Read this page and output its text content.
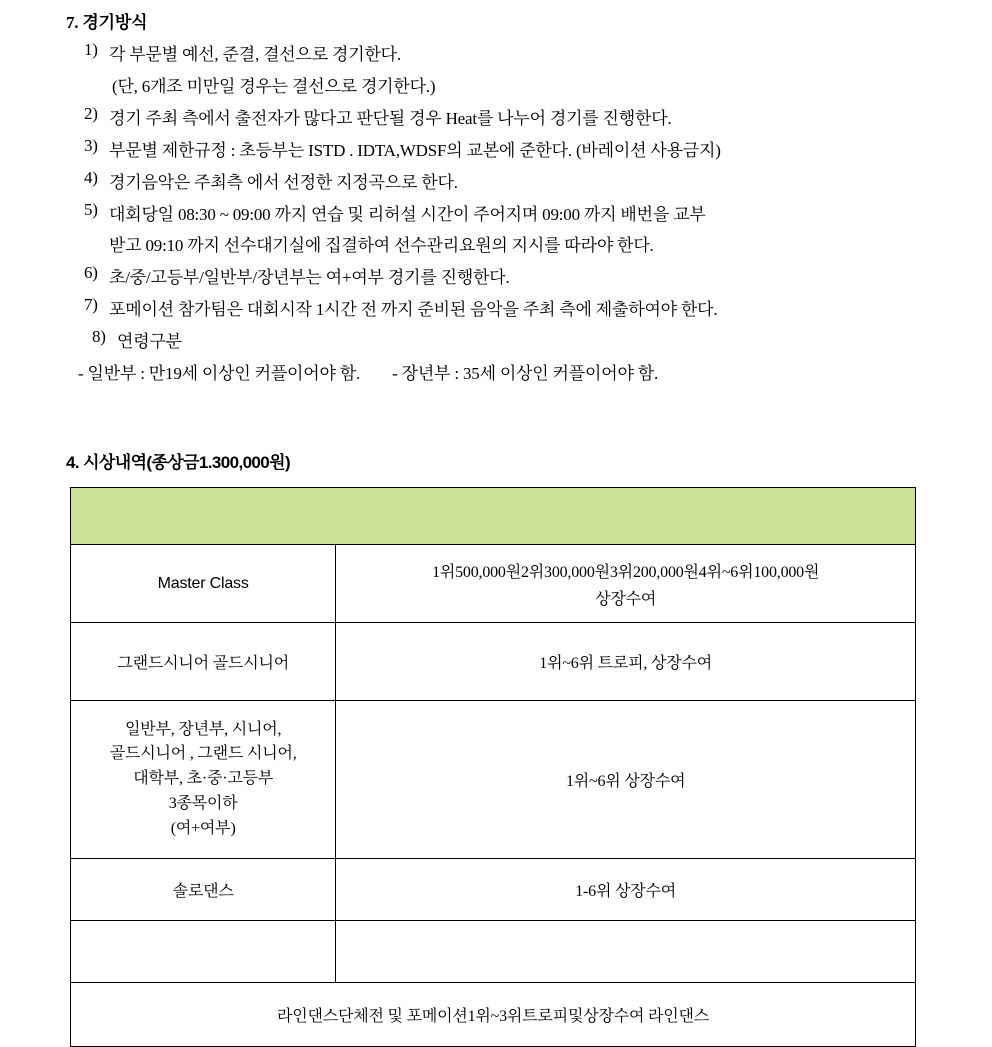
7. 경기방식
1) 각 부문별 예선, 준결, 결선으로 경기한다.
(단, 6개조 미만일 경우는 결선으로 경기한다.)
2) 경기 주최 측에서 출전자가 많다고 판단될 경우 Heat를 나누어 경기를 진행한다.
3) 부문별 제한규정 : 초등부는 ISTD . IDTA,WDSF의 교본에 준한다. (바레이션 사용금지)
4) 경기음악은 주최측 에서 선정한 지정곡으로 한다.
5) 대회당일 08:30 ~ 09:00 까지 연습 및 리허설 시간이 주어지며 09:00 까지 배번을 교부
받고 09:10 까지 선수대기실에 집결하여 선수관리요원의 지시를 따라야 한다.
6) 초/중/고등부/일반부/장년부는 여+여부 경기를 진행한다.
7) 포메이션 참가팀은 대회시작 1시간 전 까지 준비된 음악을 주최 측에 제출하여야 한다.
8) 연령구분
- 일반부 : 만19세 이상인 커플이어야 함. - 장년부 : 35세 이상인 커플이어야 함.
4. 시상내역(종상금1.300,000원)

Master Class	1위500,000원2위300,000원3위200,000원4위~6위100,000원
상장수여

그랜드시니어 골드시니어	1위~6위 트로피, 상장수여

일반부, 장년부, 시니어,
골드시니어 , 그랜드 시니어,
대학부, 초·중·고등부
3종목이하
(여+여부)	1위~6위 상장수여
솔로댄스	1-6위 상장수여

라인댄스단체전 및 포메이션1위~3위트로피및상장수여 라인댄스	
